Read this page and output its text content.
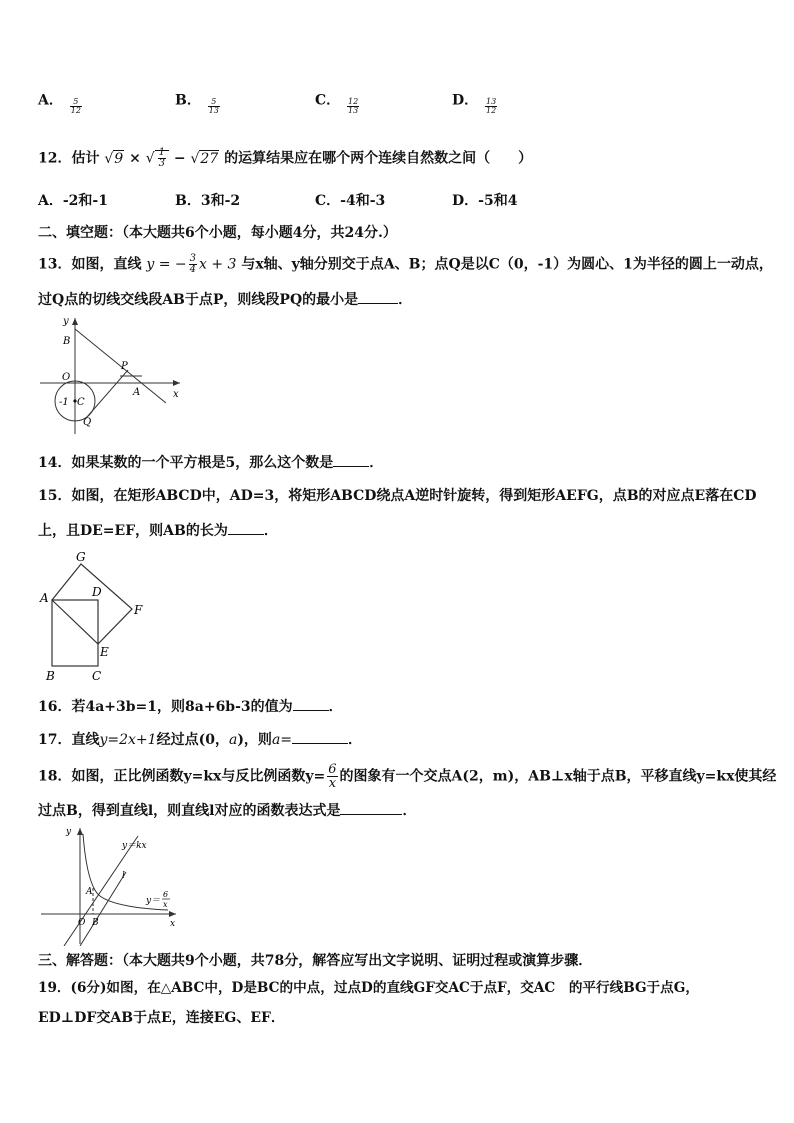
A． $\frac{5}{12}$	B． $\frac{5}{13}$	C． $\frac{12}{13}$	D． $\frac{13}{12}$
12．估计 √9 × √ $\frac{1}{3} - √27$ 的运算结果应在哪个两个连续自然数之间（　　）
A．-2和-1	B．3和-2	C．-4和-3	D．-5和4
二、填空题：（本大题共6个小题，每小题4分，共24分.）
13．如图，直线 y = − $\frac{3}{4}$ x + 3 与x轴、y轴分别交于点A、B；点Q是以C（0，-1）为圆心、1为半径的圆上一动点，
过Q点的切线交线段AB于点P，则线段PQ的最小是	．
y
B
P
O
A	x
-1 C
Q
14．如果某数的一个平方根是5，那么这个数是	．
15．如图，在矩形ABCD中，AD=3，将矩形ABCD绕点A逆时针旋转，得到矩形AEFG，点B的对应点E落在CD
上，且DE=EF，则AB的长为	．
G
A	D
F
E
B	C
16．若4a+3b=1，则8a+6b-3的值为	．
17．直线y=2x+1经过点(0，a)，则a=	．
18．如图，正比例函数y=kx与反比例函数$y= \frac{6}{x}$ 的图象有一个交点A(2，m)，AB⊥x轴于点B，平移直线y=kx使其经
过点B，得到直线l，则直线l对应的函数表达式是	．
y
y＝kx
l
A
y＝
6
x
O B	x
三、解答题：（本大题共9个小题，共78分，解答应写出文字说明、证明过程或演算步骤．
19．(6分)如图，在△ABC中，D是BC的中点，过点D的直线GF交AC于点F，交AC　的平行线BG于点G，
ED⊥DF交AB于点E，连接EG、EF．
